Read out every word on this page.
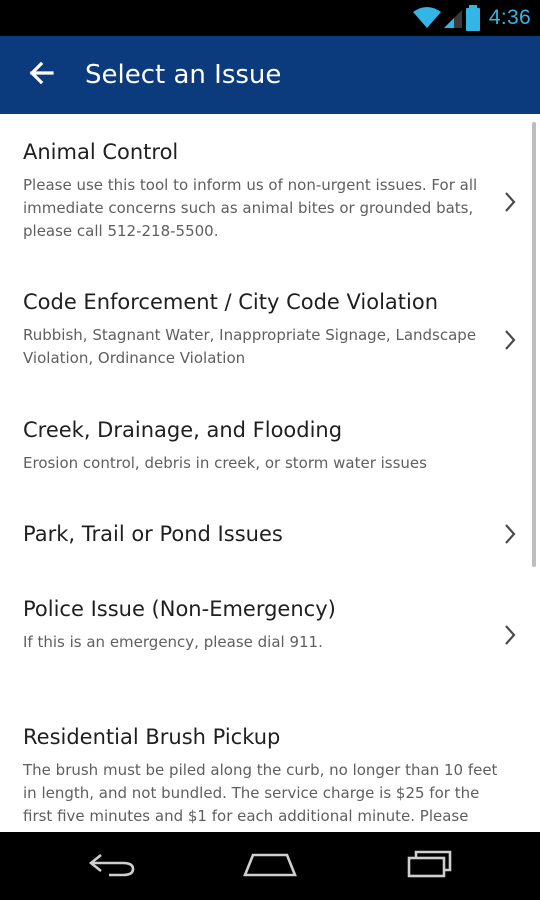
4:36
Select an Issue
Animal Control
Please use this tool to inform us of non-urgent issues. For all
immediate concerns such as animal bites or grounded bats,
please call 512-218-5500.
Code Enforcement / City Code Violation
Rubbish, Stagnant Water, Inappropriate Signage, Landscape
Violation, Ordinance Violation
Creek, Drainage, and Flooding
Erosion control, debris in creek, or storm water issues
Park, Trail or Pond Issues
Police Issue (Non-Emergency)
If this is an emergency, please dial 911.
Residential Brush Pickup
The brush must be piled along the curb, no longer than 10 feet
in length, and not bundled. The service charge is $25 for the
first five minutes and $1 for each additional minute. Please
